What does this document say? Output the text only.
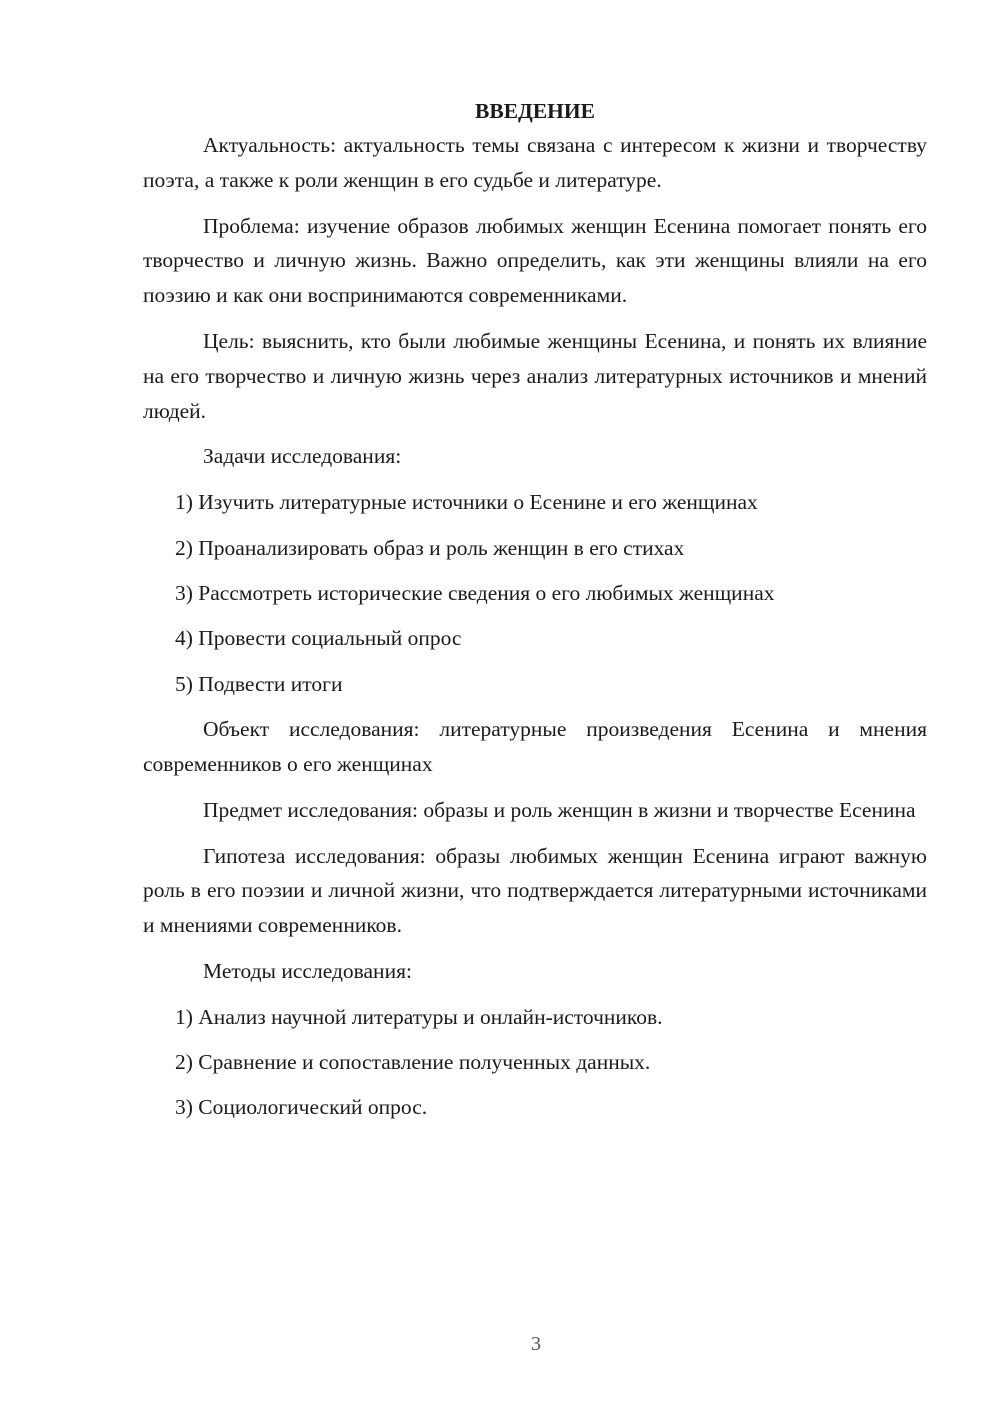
ВВЕДЕНИЕ
Актуальность: актуальность темы связана с интересом к жизни и творчеству поэта, а также к роли женщин в его судьбе и литературе.
Проблема: изучение образов любимых женщин Есенина помогает понять его творчество и личную жизнь. Важно определить, как эти женщины влияли на его поэзию и как они воспринимаются современниками.
Цель: выяснить, кто были любимые женщины Есенина, и понять их влияние на его творчество и личную жизнь через анализ литературных источников и мнений людей.
Задачи исследования:
1) Изучить литературные источники о Есенине и его женщинах
2) Проанализировать образ и роль женщин в его стихах
3) Рассмотреть исторические сведения о его любимых женщинах
4) Провести социальный опрос
5) Подвести итоги
Объект исследования: литературные произведения Есенина и мнения современников о его женщинах
Предмет исследования: образы и роль женщин в жизни и творчестве Есенина
Гипотеза исследования: образы любимых женщин Есенина играют важную роль в его поэзии и личной жизни, что подтверждается литературными источниками и мнениями современников.
Методы исследования:
1) Анализ научной литературы и онлайн-источников.
2) Сравнение и сопоставление полученных данных.
3) Социологический опрос.
3
